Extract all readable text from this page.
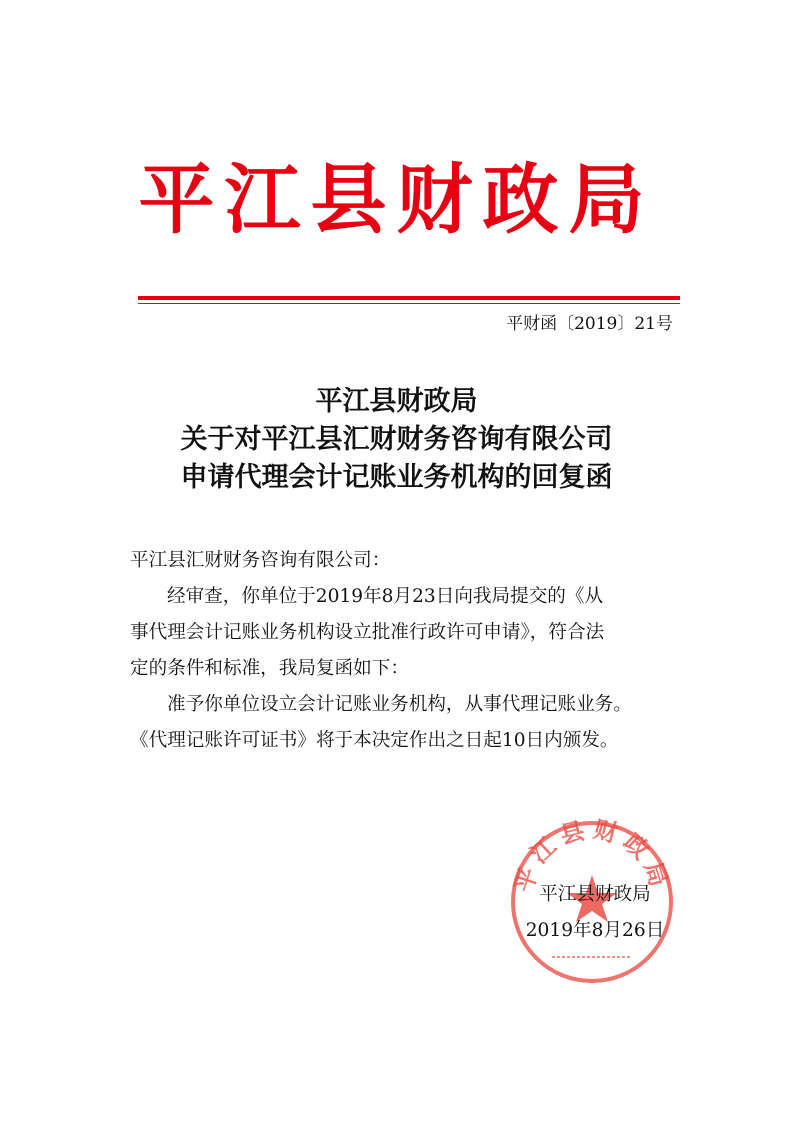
平江县财政局
平财函〔2019〕21号
平江县财政局
关于对平江县汇财财务咨询有限公司
申请代理会计记账业务机构的回复函
平江县汇财财务咨询有限公司：
经审查，你单位于2019年8月23日向我局提交的《从
事代理会计记账业务机构设立批准行政许可申请》，符合法
定的条件和标准，我局复函如下：
准予你单位设立会计记账业务机构，从事代理记账业务。
《代理记账许可证书》将于本决定作出之日起10日内颁发。
平江县财政局
平江县财政局
2019年8月26日
